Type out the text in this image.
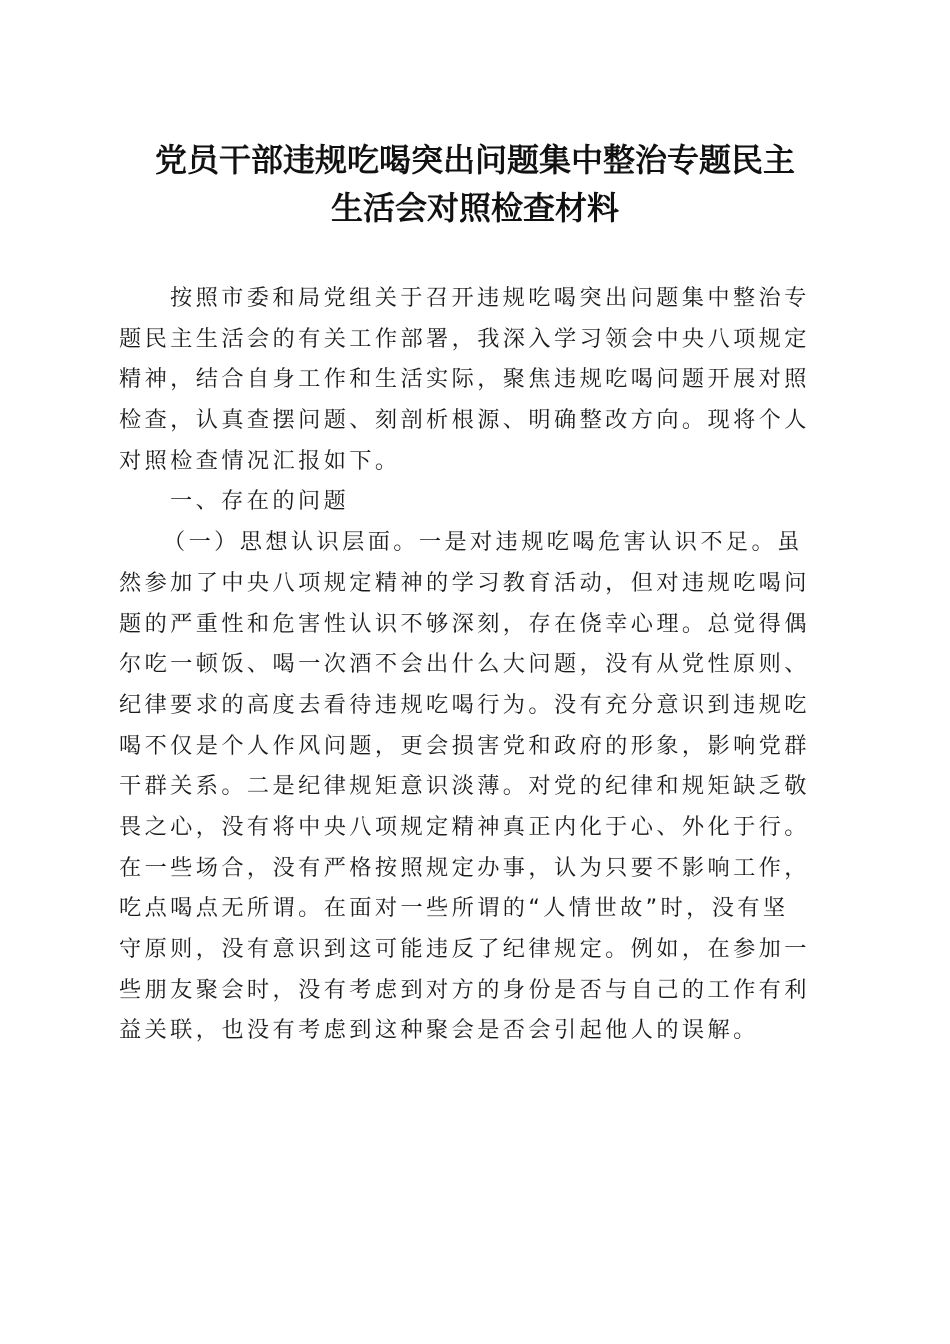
党员干部违规吃喝突出问题集中整治专题民主
生活会对照检查材料
按照市委和局党组关于召开违规吃喝突出问题集中整治专
题民主生活会的有关工作部署，我深入学习领会中央八项规定
精神，结合自身工作和生活实际，聚焦违规吃喝问题开展对照
检查，认真查摆问题、刻剖析根源、明确整改方向。现将个人
对照检查情况汇报如下。
一、存在的问题
（一）思想认识层面。一是对违规吃喝危害认识不足。虽
然参加了中央八项规定精神的学习教育活动，但对违规吃喝问
题的严重性和危害性认识不够深刻，存在侥幸心理。总觉得偶
尔吃一顿饭、喝一次酒不会出什么大问题，没有从党性原则、
纪律要求的高度去看待违规吃喝行为。没有充分意识到违规吃
喝不仅是个人作风问题，更会损害党和政府的形象，影响党群
干群关系。二是纪律规矩意识淡薄。对党的纪律和规矩缺乏敬
畏之心，没有将中央八项规定精神真正内化于心、外化于行。
在一些场合，没有严格按照规定办事，认为只要不影响工作，
吃点喝点无所谓。在面对一些所谓的“人情世故”时，没有坚
守原则，没有意识到这可能违反了纪律规定。例如，在参加一
些朋友聚会时，没有考虑到对方的身份是否与自己的工作有利
益关联，也没有考虑到这种聚会是否会引起他人的误解。
